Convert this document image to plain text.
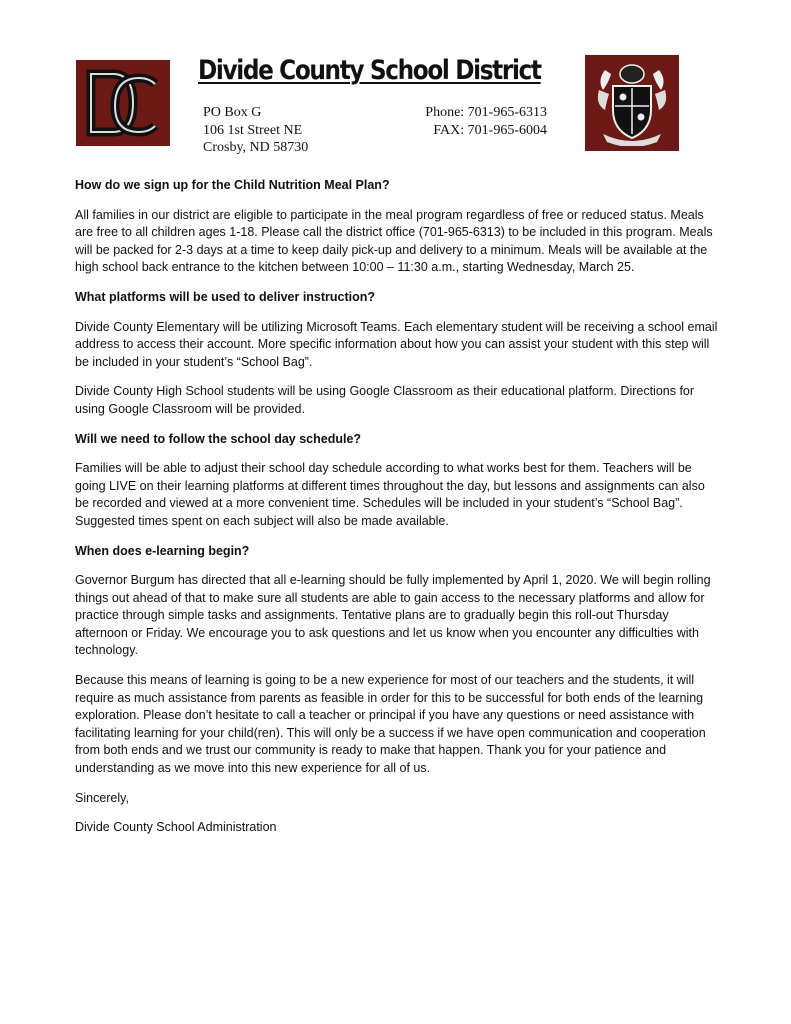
Divide County School District
PO Box G
106 1st Street NE
Crosby, ND 58730
Phone: 701-965-6313
FAX: 701-965-6004

How do we sign up for the Child Nutrition Meal Plan?

All families in our district are eligible to participate in the meal program regardless of free or reduced status. Meals are free to all children ages 1-18. Please call the district office (701-965-6313) to be included in this program. Meals will be packed for 2-3 days at a time to keep daily pick-up and delivery to a minimum. Meals will be available at the high school back entrance to the kitchen between 10:00 – 11:30 a.m., starting Wednesday, March 25.

What platforms will be used to deliver instruction?

Divide County Elementary will be utilizing Microsoft Teams. Each elementary student will be receiving a school email address to access their account. More specific information about how you can assist your student with this step will be included in your student’s “School Bag”.

Divide County High School students will be using Google Classroom as their educational platform. Directions for using Google Classroom will be provided.

Will we need to follow the school day schedule?

Families will be able to adjust their school day schedule according to what works best for them. Teachers will be going LIVE on their learning platforms at different times throughout the day, but lessons and assignments can also be recorded and viewed at a more convenient time. Schedules will be included in your student’s “School Bag”. Suggested times spent on each subject will also be made available.

When does e-learning begin?

Governor Burgum has directed that all e-learning should be fully implemented by April 1, 2020. We will begin rolling things out ahead of that to make sure all students are able to gain access to the necessary platforms and allow for practice through simple tasks and assignments. Tentative plans are to gradually begin this roll-out Thursday afternoon or Friday. We encourage you to ask questions and let us know when you encounter any difficulties with technology.

Because this means of learning is going to be a new experience for most of our teachers and the students, it will require as much assistance from parents as feasible in order for this to be successful for both ends of the learning exploration. Please don’t hesitate to call a teacher or principal if you have any questions or need assistance with facilitating learning for your child(ren). This will only be a success if we have open communication and cooperation from both ends and we trust our community is ready to make that happen. Thank you for your patience and understanding as we move into this new experience for all of us.

Sincerely,

Divide County School Administration
